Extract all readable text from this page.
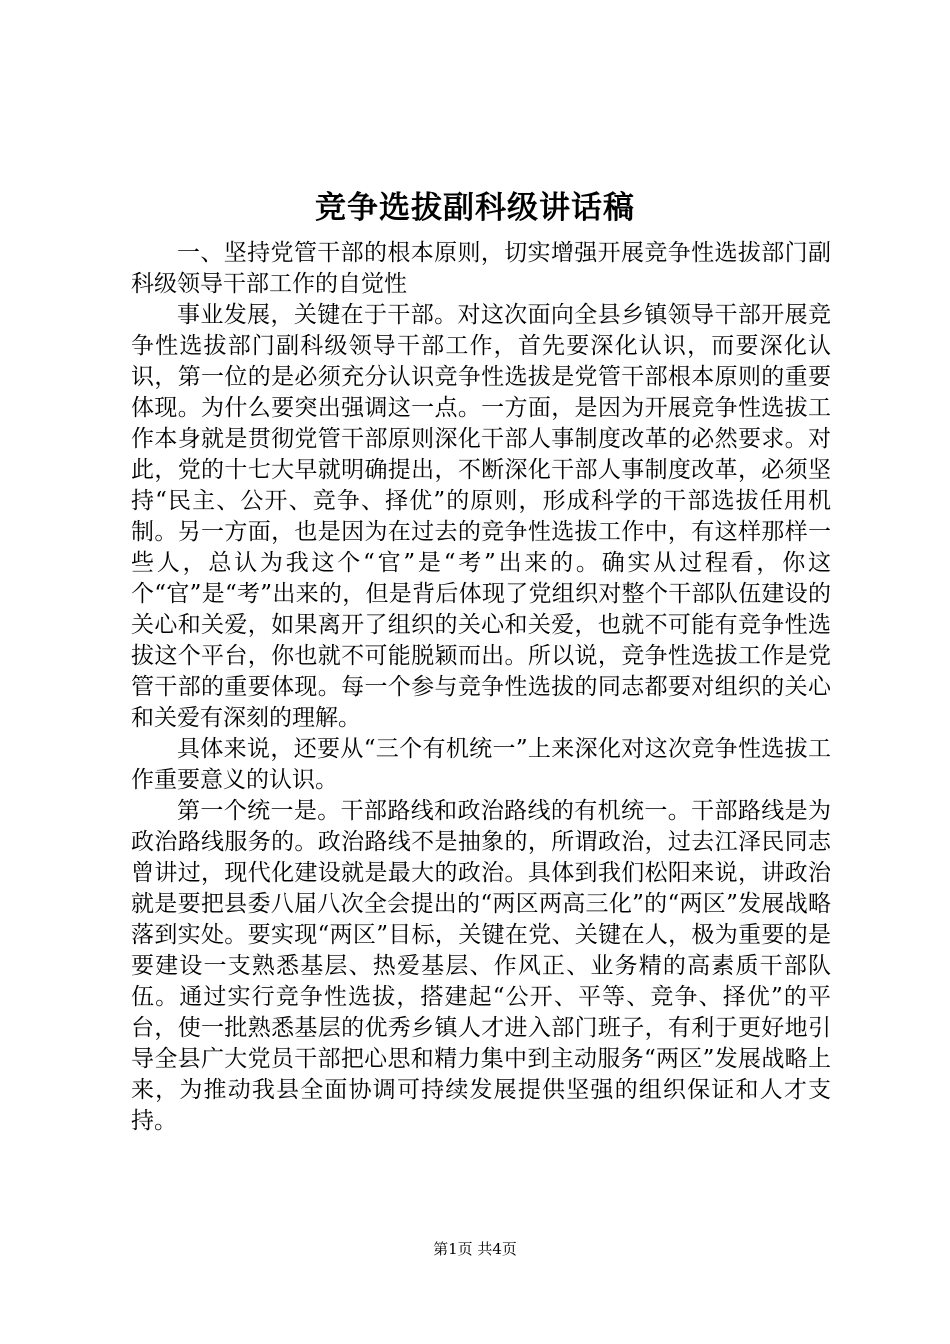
竞争选拔副科级讲话稿

一、坚持党管干部的根本原则，切实增强开展竞争性选拔部门副科级领导干部工作的自觉性

事业发展，关键在于干部。对这次面向全县乡镇领导干部开展竞争性选拔部门副科级领导干部工作，首先要深化认识，而要深化认识，第一位的是必须充分认识竞争性选拔是党管干部根本原则的重要体现。为什么要突出强调这一点。一方面，是因为开展竞争性选拔工作本身就是贯彻党管干部原则深化干部人事制度改革的必然要求。对此，党的十七大早就明确提出，不断深化干部人事制度改革，必须坚持“民主、公开、竞争、择优”的原则，形成科学的干部选拔任用机制。另一方面，也是因为在过去的竞争性选拔工作中，有这样那样一些人，总认为我这个“官”是“考”出来的。确实从过程看，你这个“官”是“考”出来的，但是背后体现了党组织对整个干部队伍建设的关心和关爱，如果离开了组织的关心和关爱，也就不可能有竞争性选拔这个平台，你也就不可能脱颖而出。所以说，竞争性选拔工作是党管干部的重要体现。每一个参与竞争性选拔的同志都要对组织的关心和关爱有深刻的理解。

具体来说，还要从“三个有机统一”上来深化对这次竞争性选拔工作重要意义的认识。

第一个统一是。干部路线和政治路线的有机统一。干部路线是为政治路线服务的。政治路线不是抽象的，所谓政治，过去江泽民同志曾讲过，现代化建设就是最大的政治。具体到我们松阳来说，讲政治就是要把县委八届八次全会提出的“两区两高三化”的“两区”发展战略落到实处。要实现“两区”目标，关键在党、关键在人，极为重要的是要建设一支熟悉基层、热爱基层、作风正、业务精的高素质干部队伍。通过实行竞争性选拔，搭建起“公开、平等、竞争、择优”的平台，使一批熟悉基层的优秀乡镇人才进入部门班子，有利于更好地引导全县广大党员干部把心思和精力集中到主动服务“两区”发展战略上来，为推动我县全面协调可持续发展提供坚强的组织保证和人才支持。

第1页 共4页
